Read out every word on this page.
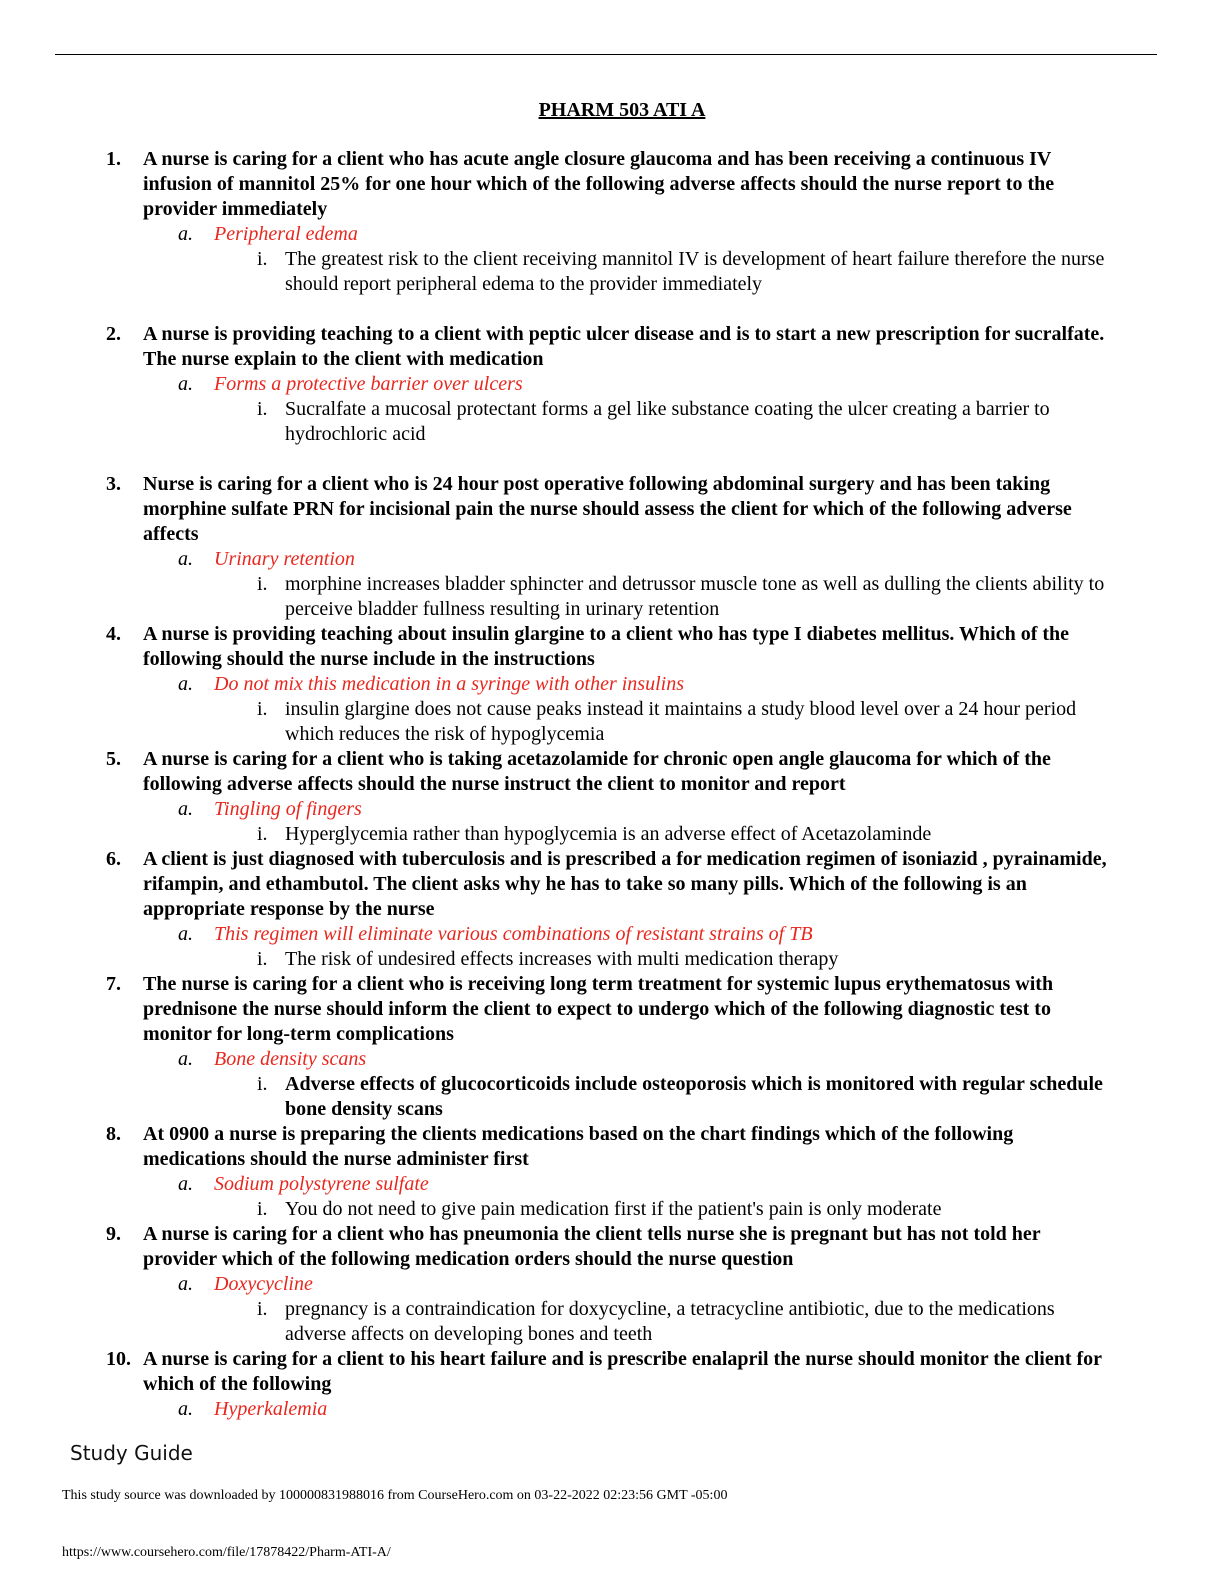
PHARM 503 ATI A
1.	A nurse is caring for a client who has acute angle closure glaucoma and has been receiving a continuous IV infusion of mannitol 25% for one hour which of the following adverse affects should the nurse report to the provider immediately
a. Peripheral edema
i. The greatest risk to the client receiving mannitol IV is development of heart failure therefore the nurse should report peripheral edema to the provider immediately
2.	A nurse is providing teaching to a client with peptic ulcer disease and is to start a new prescription for sucralfate. The nurse explain to the client with medication
a. Forms a protective barrier over ulcers
i. Sucralfate a mucosal protectant forms a gel like substance coating the ulcer creating a barrier to hydrochloric acid
3.	Nurse is caring for a client who is 24 hour post operative following abdominal surgery and has been taking morphine sulfate PRN for incisional pain the nurse should assess the client for which of the following adverse affects
a. Urinary retention
i. morphine increases bladder sphincter and detrussor muscle tone as well as dulling the clients ability to perceive bladder fullness resulting in urinary retention
4.	A nurse is providing teaching about insulin glargine to a client who has type I diabetes mellitus. Which of the following should the nurse include in the instructions
a. Do not mix this medication in a syringe with other insulins
i. insulin glargine does not cause peaks instead it maintains a study blood level over a 24 hour period which reduces the risk of hypoglycemia
5.	A nurse is caring for a client who is taking acetazolamide for chronic open angle glaucoma for which of the following adverse affects should the nurse instruct the client to monitor and report
a. Tingling of fingers
i. Hyperglycemia rather than hypoglycemia is an adverse effect of Acetazolaminde
6.	A client is just diagnosed with tuberculosis and is prescribed a for medication regimen of isoniazid , pyrainamide, rifampin, and ethambutol. The client asks why he has to take so many pills. Which of the following is an appropriate response by the nurse
a. This regimen will eliminate various combinations of resistant strains of TB
i. The risk of undesired effects increases with multi medication therapy
7.	The nurse is caring for a client who is receiving long term treatment for systemic lupus erythematosus with prednisone the nurse should inform the client to expect to undergo which of the following diagnostic test to monitor for long-term complications
a. Bone density scans
i. Adverse effects of glucocorticoids include osteoporosis which is monitored with regular schedule bone density scans
8.	At 0900 a nurse is preparing the clients medications based on the chart findings which of the following medications should the nurse administer first
a. Sodium polystyrene sulfate
i. You do not need to give pain medication first if the patient's pain is only moderate
9.	A nurse is caring for a client who has pneumonia the client tells nurse she is pregnant but has not told her provider which of the following medication orders should the nurse question
a. Doxycycline
i. pregnancy is a contraindication for doxycycline, a tetracycline antibiotic, due to the medications adverse affects on developing bones and teeth
10. A nurse is caring for a client to his heart failure and is prescribe enalapril the nurse should monitor the client for which of the following
a. Hyperkalemia
Study Guide
This study source was downloaded by 100000831988016 from CourseHero.com on 03-22-2022 02:23:56 GMT -05:00
https://www.coursehero.com/file/17878422/Pharm-ATI-A/
